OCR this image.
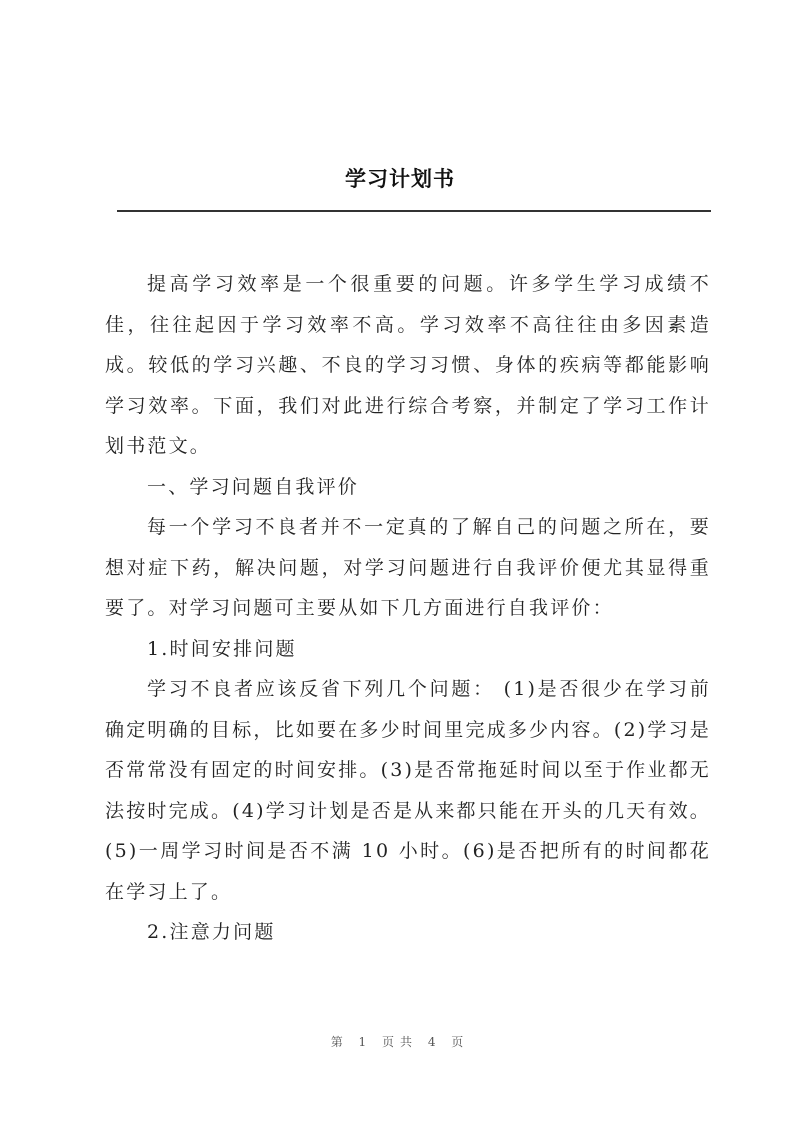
学习计划书

提高学习效率是一个很重要的问题。许多学生学习成绩不佳，往往起因于学习效率不高。学习效率不高往往由多因素造成。较低的学习兴趣、不良的学习习惯、身体的疾病等都能影响学习效率。下面，我们对此进行综合考察，并制定了学习工作计划书范文。

一、学习问题自我评价

每一个学习不良者并不一定真的了解自己的问题之所在，要想对症下药，解决问题，对学习问题进行自我评价便尤其显得重要了。对学习问题可主要从如下几方面进行自我评价：

1.时间安排问题

学习不良者应该反省下列几个问题： (1)是否很少在学习前确定明确的目标，比如要在多少时间里完成多少内容。(2)学习是否常常没有固定的时间安排。(3)是否常拖延时间以至于作业都无法按时完成。(4)学习计划是否是从来都只能在开头的几天有效。(5)一周学习时间是否不满 10 小时。(6)是否把所有的时间都花在学习上了。

2.注意力问题

第 1 页共 4 页
